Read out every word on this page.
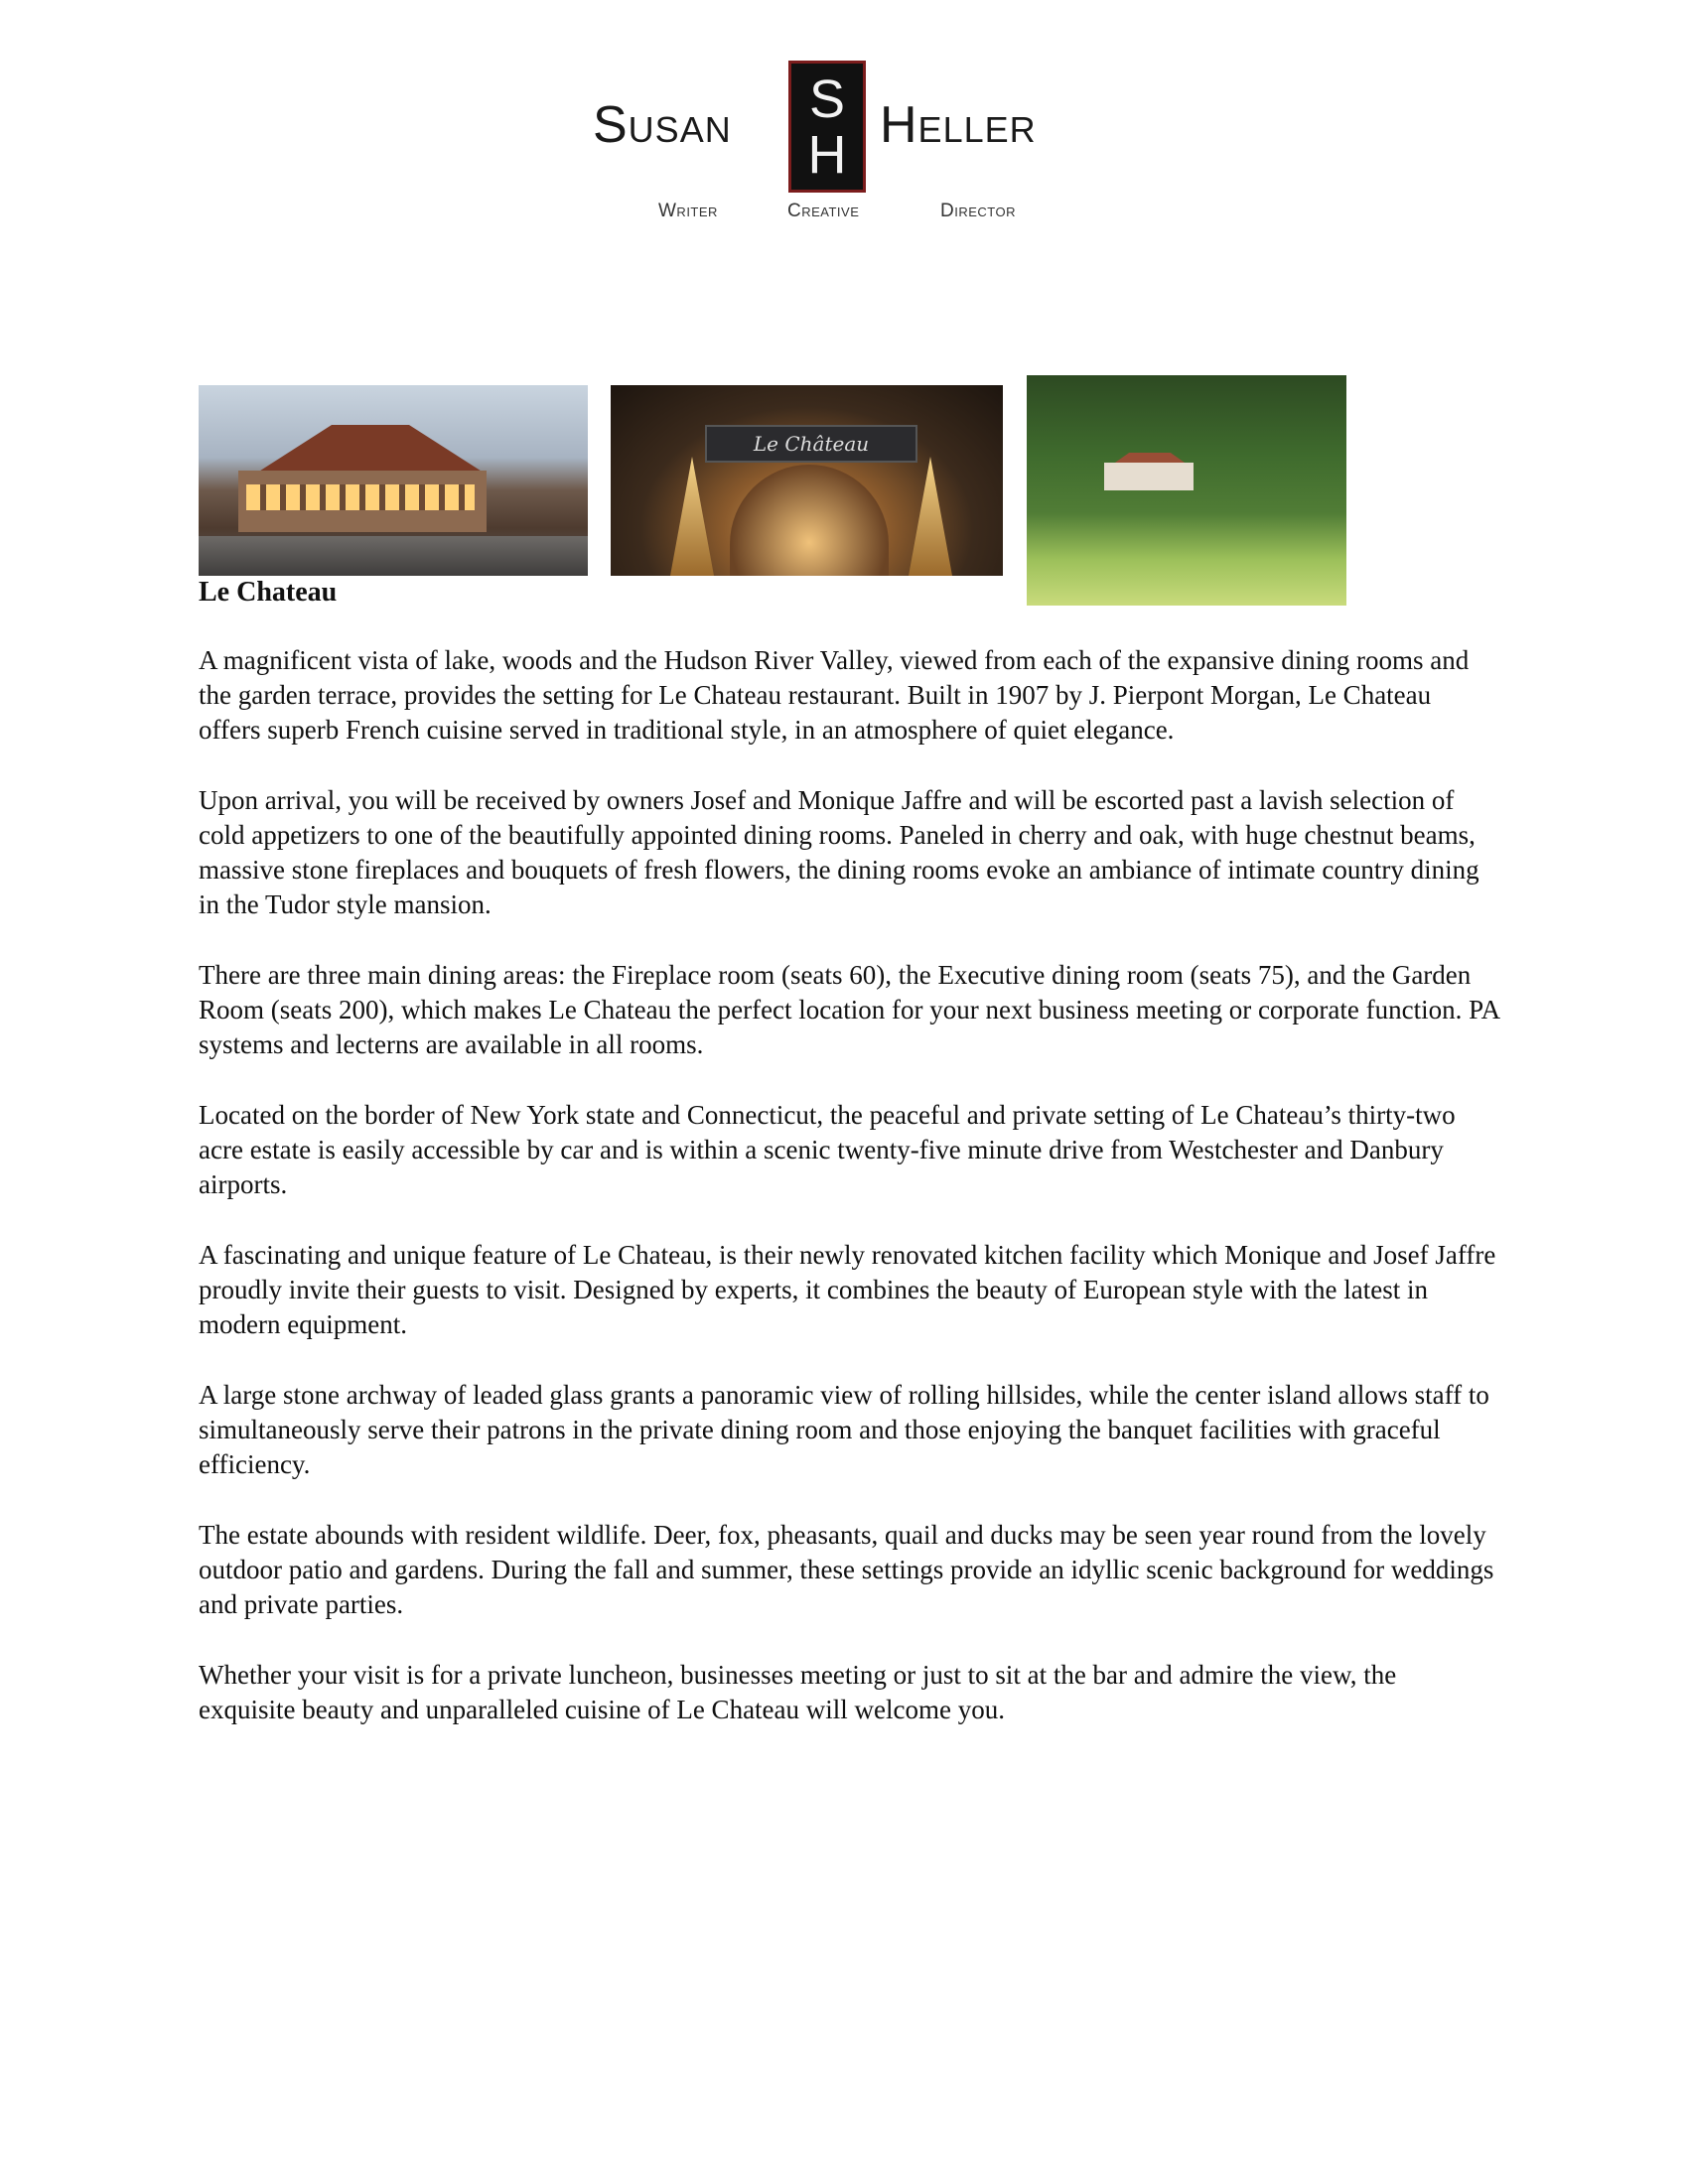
Susan S
H Heller
Writer	Creative	Director
Le Château
Le Chateau

A magnificent vista of lake, woods and the Hudson River Valley, viewed from each of the expansive dining rooms and the garden terrace, provides the setting for Le Chateau restaurant. Built in 1907 by J. Pierpont Morgan, Le Chateau offers superb French cuisine served in traditional style, in an atmosphere of quiet elegance.

Upon arrival, you will be received by owners Josef and Monique Jaffre and will be escorted past a lavish selection of cold appetizers to one of the beautifully appointed dining rooms. Paneled in cherry and oak, with huge chestnut beams, massive stone fireplaces and bouquets of fresh flowers, the dining rooms evoke an ambiance of intimate country dining in the Tudor style mansion.

There are three main dining areas: the Fireplace room (seats 60), the Executive dining room (seats 75), and the Garden Room (seats 200), which makes Le Chateau the perfect location for your next business meeting or corporate function. PA systems and lecterns are available in all rooms.

Located on the border of New York state and Connecticut, the peaceful and private setting of Le Chateau’s thirty-two acre estate is easily accessible by car and is within a scenic twenty-five minute drive from Westchester and Danbury airports.

A fascinating and unique feature of Le Chateau, is their newly renovated kitchen facility which Monique and Josef Jaffre proudly invite their guests to visit. Designed by experts, it combines the beauty of European style with the latest in modern equipment.

A large stone archway of leaded glass grants a panoramic view of rolling hillsides, while the center island allows staff to simultaneously serve their patrons in the private dining room and those enjoying the banquet facilities with graceful efficiency.

The estate abounds with resident wildlife. Deer, fox, pheasants, quail and ducks may be seen year round from the lovely outdoor patio and gardens. During the fall and summer, these settings provide an idyllic scenic background for weddings and private parties.

Whether your visit is for a private luncheon, businesses meeting or just to sit at the bar and admire the view, the exquisite beauty and unparalleled cuisine of Le Chateau will welcome you.
